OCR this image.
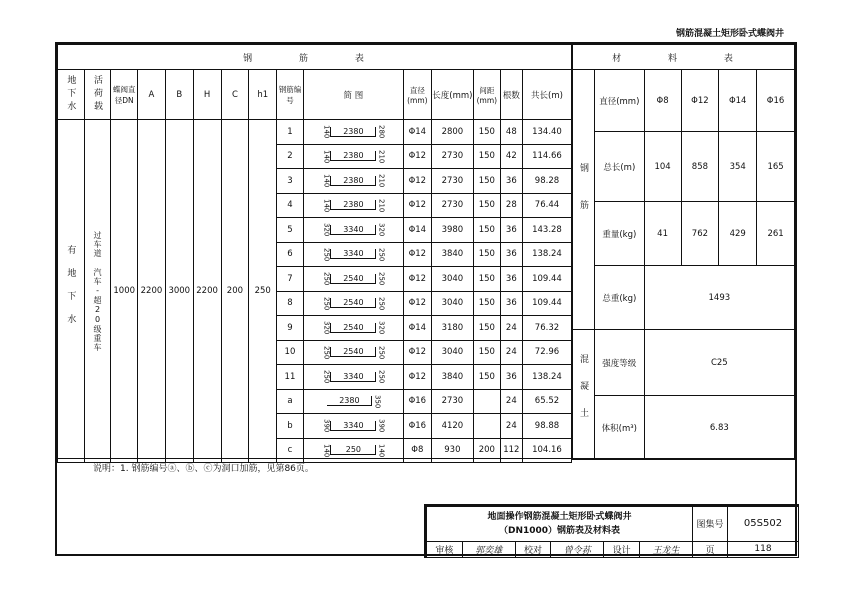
钢筋混凝土矩形卧式蝶阀井
钢 筋 表														
地下水	活荷载	蝶阀直径DN	A	B	H	C	h1	钢筋编号	简 图	直径(mm)	长度(mm)	间距(mm)	根数	共长(m)
有地下水	过车道 汽车-超20级重车	1000	2200	3000	2200	200	250	1	140 2380 280	Φ14	2800	150	48	134.40
								2	140 2380 210	Φ12	2730	150	42	114.66
								3	140 2380 210	Φ12	2730	150	36	98.28
								4	140 2380 210	Φ12	2730	150	28	76.44
								5	320 3340 320	Φ14	3980	150	36	143.28
								6	250 3340 250	Φ12	3840	150	36	138.24
								7	250 2540 250	Φ12	3040	150	36	109.44
								8	250 2540 250	Φ12	3040	150	36	109.44
								9	320 2540 320	Φ14	3180	150	24	76.32
								10	250 2540 250	Φ12	3040	150	24	72.96
								11	250 3340 250	Φ12	3840	150	36	138.24
								a	2380 350	Φ16	2730		24	65.52
								b	390 3340 390	Φ16	4120		24	98.88
								c	140 250 140	Φ8	930	200	112	104.16
材 料 表					
钢筋	直径(mm)	Φ8	Φ12	Φ14	Φ16
	总长(m)	104	858	354	165
	重量(kg)	41	762	429	261
	总重(kg)	1493			
混凝土	强度等级	C25			
	体积(m³)	6.83			
说明：1. 钢筋编号ⓐ、ⓑ、ⓒ为洞口加筋，见第86页。
地面操作钢筋混凝土矩形卧式蝶阀井
（DN1000）钢筋表及材料表						图集号	05S502
审核	郭奕雄	校对	曾令荪	设计	王龙生	页	118
